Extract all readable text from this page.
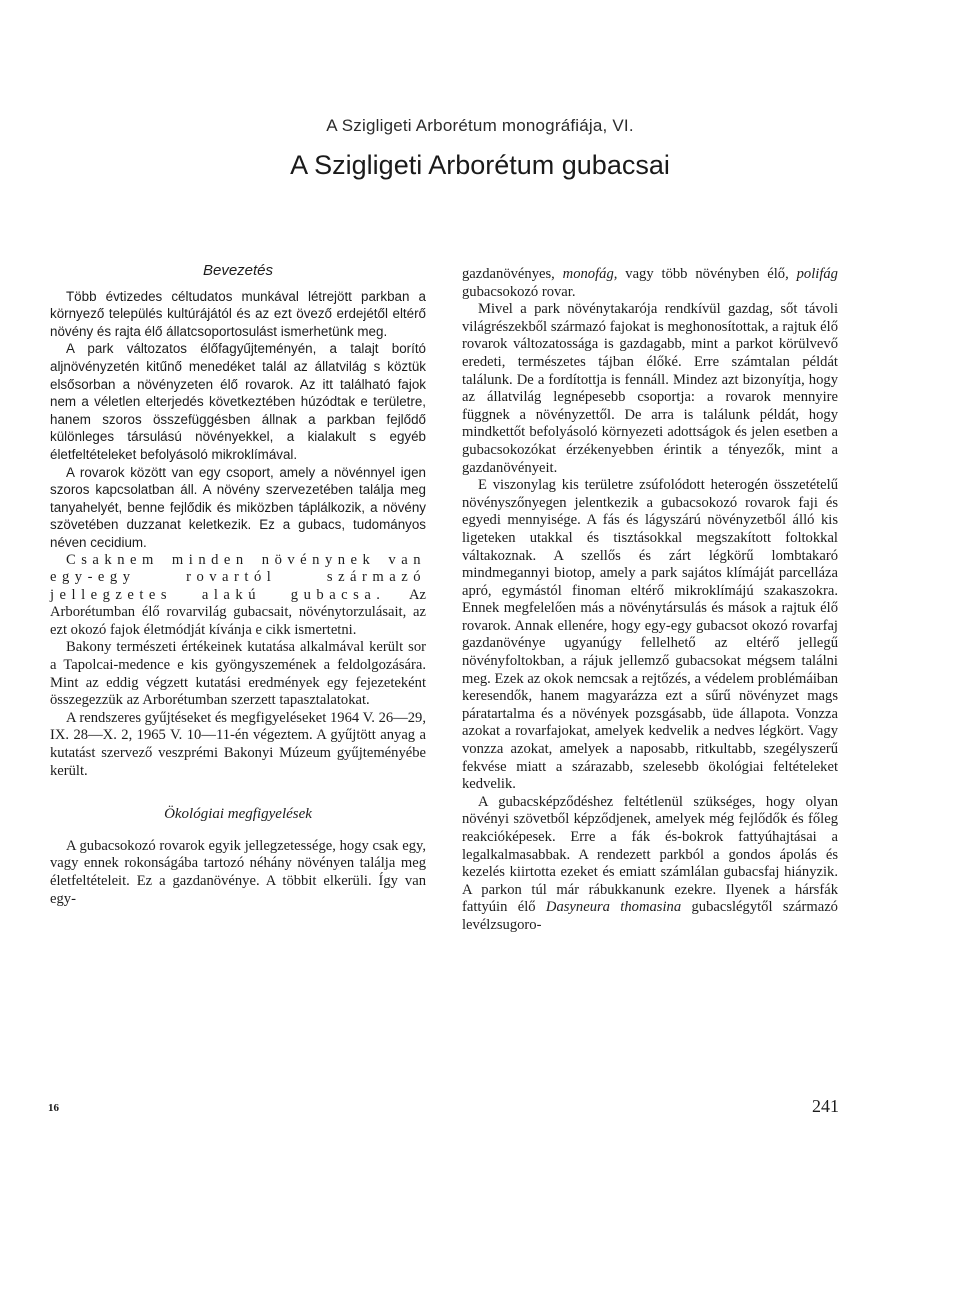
A Szigligeti Arborétum monográfiája, VI.
A Szigligeti Arborétum gubacsai
Bevezetés

Több évtizedes céltudatos munkával létrejött parkban a környező település kultúrájától és az ezt övező erdejétől eltérő növény és rajta élő állatcsoportosulást ismerhetünk meg.

A park változatos élőfagyűjteményén, a talajt borító aljnövényzetén kitűnő menedéket talál az állatvilág s köztük elsősorban a növényzeten élő rovarok. Az itt található fajok nem a véletlen elterjedés következtében húzódtak e területre, hanem szoros összefüggésben állnak a parkban fejlődő különleges társulású növényekkel, a kialakult s egyéb életfeltételeket befolyásoló mikroklímával.

A rovarok között van egy csoport, amely a növénnyel igen szoros kapcsolatban áll. A növény szervezetében találja meg tanyahelyét, benne fejlődik és miközben táplálkozik, a növény szövetében duzzanat keletkezik. Ez a gubacs, tudományos néven cecidium.

Csaknem minden növénynek van egy-egy rovartól származó jellegzetes alakú gubacsa. Az Arborétumban élő rovarvilág gubacsait, növénytorzulásait, az ezt okozó fajok életmódját kívánja e cikk ismertetni.

Bakony természeti értékeinek kutatása alkalmával került sor a Tapolcai-medence e kis gyöngyszemének a feldolgozására. Mint az eddig végzett kutatási eredmények egy fejezeteként összegezzük az Arborétumban szerzett tapasztalatokat.

A rendszeres gyűjtéseket és megfigyeléseket 1964 V. 26—29, IX. 28—X. 2, 1965 V. 10—11-én végeztem. A gyűjtött anyag a kutatást szervező veszprémi Bakonyi Múzeum gyűjteményébe került.

Ökológiai megfigyelések

A gubacsokozó rovarok egyik jellegzetessége, hogy csak egy, vagy ennek rokonságába tartozó néhány növényen találja meg életfeltételeit. Ez a gazdanövénye. A többit elkerüli. Így van egy-

gazdanövényes, monofág, vagy több növényben élő, polifág gubacsokozó rovar.

Mivel a park növénytakarója rendkívül gazdag, sőt távoli világrészekből származó fajokat is meghonosítottak, a rajtuk élő rovarok változatossága is gazdagabb, mint a parkot körülvevő eredeti, természetes tájban élőké. Erre számtalan példát találunk. De a fordítottja is fennáll. Mindez azt bizonyítja, hogy az állatvilág legnépesebb csoportja: a rovarok mennyire függnek a növényzettől. De arra is találunk példát, hogy mindkettőt befolyásoló környezeti adottságok és jelen esetben a gubacsokozókat érzékenyebben érintik a tényezők, mint a gazdanövényeit.

E viszonylag kis területre zsúfolódott heterogén összetételű növényszőnyegen jelentkezik a gubacsokozó rovarok faji és egyedi mennyisége. A fás és lágyszárú növényzetből álló kis ligeteken utakkal és tisztásokkal megszakított foltokkal váltakoznak. A szellős és zárt légkörű lombtakaró mindmegannyi biotop, amely a park sajátos klímáját parcelláza apró, egymástól finoman eltérő mikroklímájú szakaszokra. Ennek megfelelően más a növénytársulás és mások a rajtuk élő rovarok. Annak ellenére, hogy egy-egy gubacsot okozó rovarfaj gazdanövénye ugyanúgy fellelhető az eltérő jellegű növényfoltokban, a rájuk jellemző gubacsokat mégsem találni meg. Ezek az okok nemcsak a rejtőzés, a védelem problémáiban keresendők, hanem magyarázza ezt a sűrű növényzet mags páratartalma és a növények pozsgásabb, üde állapota. Vonzza azokat a rovarfajokat, amelyek kedvelik a nedves légkört. Vagy vonzza azokat, amelyek a naposabb, ritkultabb, szegélyszerű fekvése miatt a szárazabb, szelesebb ökológiai feltételeket kedvelik.

A gubacsképződéshez feltétlenül szükséges, hogy olyan növényi szövetből képződjenek, amelyek még fejlődők és főleg reakcióképesek. Erre a fák és-bokrok fattyúhajtásai a legalkalmasabbak. A rendezett parkból a gondos ápolás és kezelés kiirtotta ezeket és emiatt számlálan gubacsfaj hiányzik. A parkon túl már rábukkanunk ezekre. Ilyenek a hársfák fattyúin élő Dasyneura thomasina gubacslégytől származó levélzsugoro-

16	241
